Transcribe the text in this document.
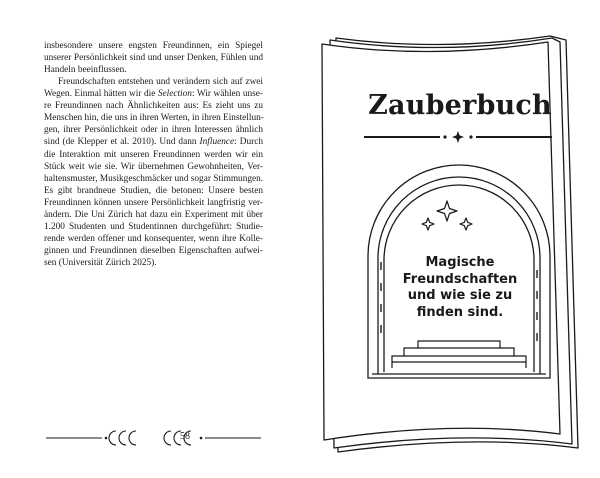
insbesondere unsere engsten Freundinnen, ein Spiegel
unserer Persönlichkeit sind und unser Denken, Fühlen und
Handeln beeinflussen.
Freundschaften entstehen und verändern sich auf zwei
Wegen. Einmal hätten wir die Selection: Wir wählen unse-
re Freundinnen nach Ähnlichkeiten aus: Es zieht uns zu
Menschen hin, die uns in ihren Werten, in ihren Einstellun-
gen, ihrer Persönlichkeit oder in ihren Interessen ähnlich
sind (de Klepper et al. 2010). Und dann Influence: Durch
die Interaktion mit unseren Freundinnen werden wir ein
Stück weit wie sie. Wir übernehmen Gewohnheiten, Ver-
haltensmuster, Musikgeschmäcker und sogar Stimmungen.
Es gibt brandneue Studien, die betonen: Unsere besten
Freundinnen können unsere Persönlichkeit langfristig ver-
ändern. Die Uni Zürich hat dazu ein Experiment mit über
1.200 Studenten und Studentinnen durchgeführt: Studie-
rende werden offener und konsequenter, wenn ihre Kolle-
ginnen und Freundinnen dieselben Eigenschaften aufwei-
sen (Universität Zürich 2025).
58
Zauberbuch
Magische
Freundschaften
und wie sie zu
finden sind.
